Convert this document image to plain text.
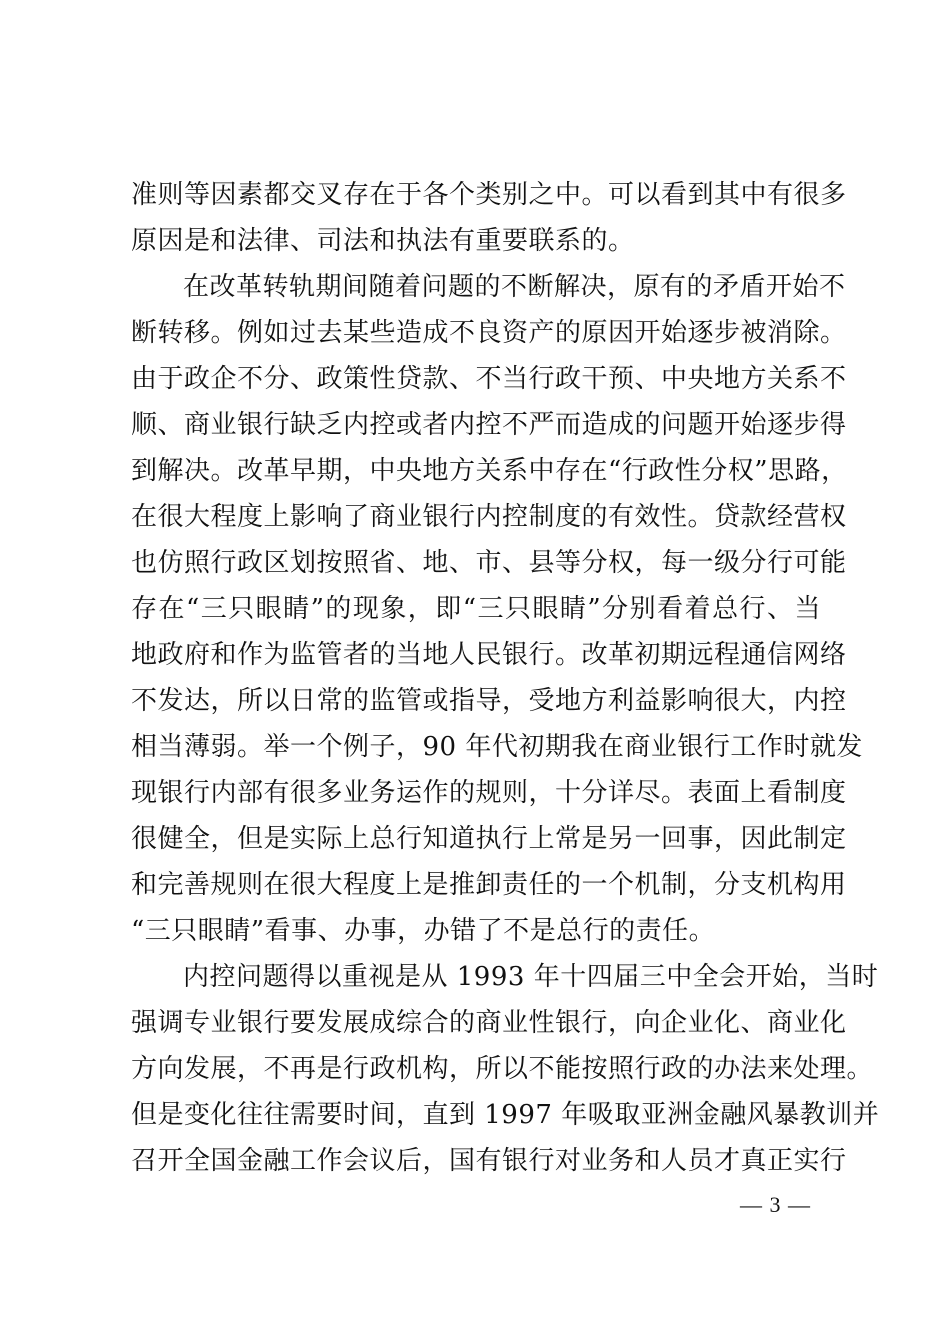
准则等因素都交叉存在于各个类别之中。可以看到其中有很多
原因是和法律、司法和执法有重要联系的。
在改革转轨期间随着问题的不断解决，原有的矛盾开始不
断转移。例如过去某些造成不良资产的原因开始逐步被消除。
由于政企不分、政策性贷款、不当行政干预、中央地方关系不
顺、商业银行缺乏内控或者内控不严而造成的问题开始逐步得
到解决。改革早期，中央地方关系中存在“行政性分权”思路，
在很大程度上影响了商业银行内控制度的有效性。贷款经营权
也仿照行政区划按照省、地、市、县等分权，每一级分行可能
存在“三只眼睛”的现象，即“三只眼睛”分别看着总行、当
地政府和作为监管者的当地人民银行。改革初期远程通信网络
不发达，所以日常的监管或指导，受地方利益影响很大，内控
相当薄弱。举一个例子，90 年代初期我在商业银行工作时就发
现银行内部有很多业务运作的规则，十分详尽。表面上看制度
很健全，但是实际上总行知道执行上常是另一回事，因此制定
和完善规则在很大程度上是推卸责任的一个机制，分支机构用
“三只眼睛”看事、办事，办错了不是总行的责任。
内控问题得以重视是从 1993 年十四届三中全会开始，当时
强调专业银行要发展成综合的商业性银行，向企业化、商业化
方向发展，不再是行政机构，所以不能按照行政的办法来处理。
但是变化往往需要时间，直到 1997 年吸取亚洲金融风暴教训并
召开全国金融工作会议后，国有银行对业务和人员才真正实行
— 3 —
